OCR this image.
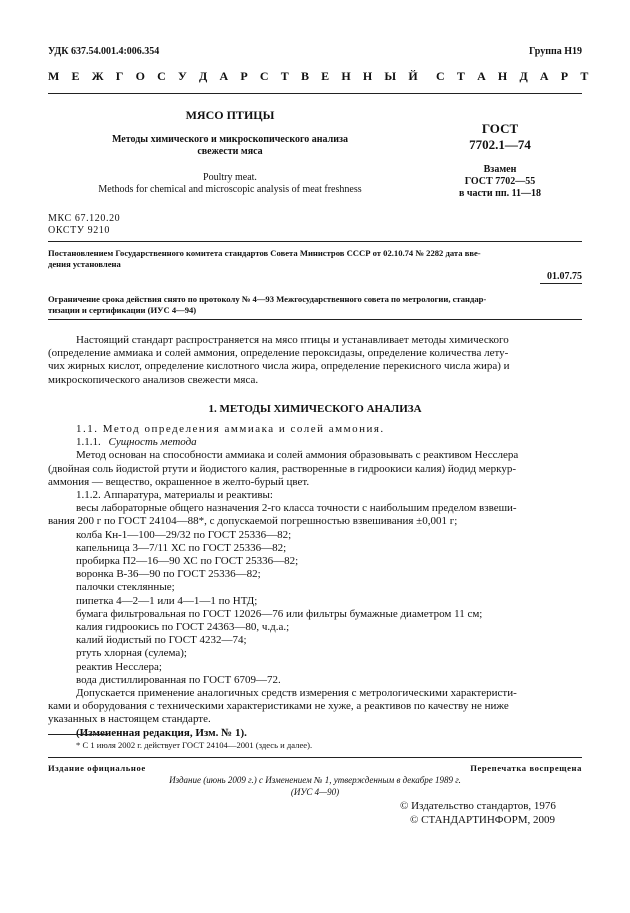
УДК 637.54.001.4:006.354	Группа Н19
М Е Ж Г О С У Д А Р С Т В Е Н Н Ы Й С Т А Н Д А Р Т
МЯСО ПТИЦЫ
Методы химического и микроскопического анализа
свежести мяса
Poultry meat.
Methods for chemical and microscopic analysis of meat freshness
ГОСТ
7702.1—74
Взамен
ГОСТ 7702—55
в части пп. 11—18
МКС 67.120.20
ОКСТУ 9210
Постановлением Государственного комитета стандартов Совета Министров СССР от 02.10.74 № 2282 дата вве-
дения установлена
01.07.75
Ограничение срока действия снято по протоколу № 4—93 Межгосударственного совета по метрологии, стандар-
тизации и сертификации (ИУС 4—94)

Настоящий стандарт распространяется на мясо птицы и устанавливает методы химического

(определение аммиака и солей аммония, определение пероксидазы, определение количества лету-

чих жирных кислот, определение кислотного числа жира, определение перекисного числа жира) и

микроскопического анализов свежести мяса.

1. МЕТОДЫ ХИМИЧЕСКОГО АНАЛИЗА

1.1. Метод определения аммиака и солей аммония.

1.1.1. Сущность метода

Метод основан на способности аммиака и солей аммония образовывать с реактивом Несслера

(двойная соль йодистой ртути и йодистого калия, растворенные в гидроокиси калия) йодид меркур-

аммония — вещество, окрашенное в желто-бурый цвет.

1.1.2. Аппаратура, материалы и реактивы:

весы лабораторные общего назначения 2-го класса точности с наибольшим пределом взвеши-

вания 200 г по ГОСТ 24104—88*, с допускаемой погрешностью взвешивания ±0,001 г;

колба Кн-1—100—29/32 по ГОСТ 25336—82;

капельница 3—7/11 ХС по ГОСТ 25336—82;

пробирка П2—16—90 ХС по ГОСТ 25336—82;

воронка В-36—90 по ГОСТ 25336—82;

палочки стеклянные;

пипетка 4—2—1 или 4—1—1 по НТД;

бумага фильтровальная по ГОСТ 12026—76 или фильтры бумажные диаметром 11 см;

калия гидроокись по ГОСТ 24363—80, ч.д.а.;

калий йодистый по ГОСТ 4232—74;

ртуть хлорная (сулема);

реактив Несслера;

вода дистиллированная по ГОСТ 6709—72.

Допускается применение аналогичных средств измерения с метрологическими характеристи-

ками и оборудования с техническими характеристиками не хуже, а реактивов по качеству не ниже

указанных в настоящем стандарте.

(Измененная редакция, Изм. № 1).

* С 1 июля 2002 г. действует ГОСТ 24104—2001 (здесь и далее).
Издание официальное	Перепечатка воспрещена
Издание (июнь 2009 г.) с Изменением № 1, утвержденным в декабре 1989 г.
(ИУС 4—90)
© Издательство стандартов, 1976
© СТАНДАРТИНФОРМ, 2009
